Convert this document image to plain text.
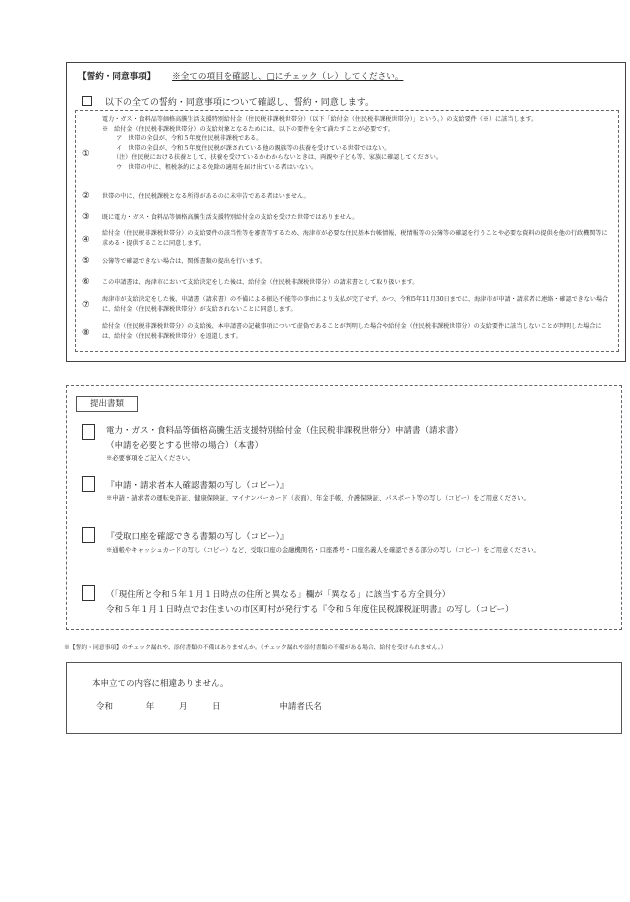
【誓約・同意事項】 ※全ての項目を確認し、□にチェック（レ）してください。
以下の全ての誓約・同意事項について確認し、誓約・同意します。
①

電力・ガス・食料品等価格高騰生活支援特別給付金（住民税非課税世帯分）（以下「給付金（住民税非課税世帯分）」という。）の支給要件（※）に該当します。

※　給付金（住民税非課税世帯分）の支給対象となるためには、以下の要件を全て満たすことが必要です。

　ア　世帯の全員が、令和５年度住民税非課税である。

　イ　世帯の全員が、令和５年度住民税が課されている他の親族等の扶養を受けている世帯ではない。

　（注）住民税における扶養として、扶養を受けているかわからないときは、両親や子ども等、家族に確認してください。

　ウ　世帯の中に、租税条約による免除の適用を届け出ている者はいない。

② 世帯の中に、住民税課税となる所得があるのに未申告である者はいません。

③ 既に電力・ガス・食料品等価格高騰生活支援特別給付金の支給を受けた世帯ではありません。

④

給付金（住民税非課税世帯分）の支給要件の該当性等を審査等するため、海津市が必要な住民基本台帳情報、税情報等の公簿等の確認を行うことや必要な資料の提供を他の行政機関等に求める・提供することに同意します。

⑤ 公簿等で確認できない場合は、関係書類の提出を行います。

⑥ この申請書は、海津市において支給決定をした後は、給付金（住民税非課税世帯分）の請求書として取り扱います。

⑦

海津市が支給決定をした後、申請書（請求書）の不備による振込不能等の事由により支払が完了せず、かつ、令和5年11月30日までに、海津市が申請・請求者に連絡・確認できない場合に、給付金（住民税非課税世帯分）が支給されないことに同意します。

⑧

給付金（住民税非課税世帯分）の支給後、本申請書の記載事項について虚偽であることが判明した場合や給付金（住民税非課税世帯分）の支給要件に該当しないことが判明した場合には、給付金（住民税非課税世帯分）を返還します。

提出書類
電力・ガス・食料品等価格高騰生活支援特別給付金（住民税非課税世帯分）申請書（請求書）
（申請を必要とする世帯の場合）（本書）
※必要事項をご記入ください。
『申請・請求者本人確認書類の写し（コピー）』
※申請・請求者の運転免許証、健康保険証、マイナンバーカード（表面）、年金手帳、介護保険証、パスポート等の写し（コピー）をご用意ください。
『受取口座を確認できる書類の写し（コピー）』
※通帳やキャッシュカードの写し（コピー）など、受取口座の金融機関名・口座番号・口座名義人を確認できる部分の写し（コピー）をご用意ください。
（「現住所と令和５年１月１日時点の住所と異なる」欄が「異なる」に該当する方全員分）
令和５年１月１日時点でお住まいの市区町村が発行する『令和５年度住民税課税証明書』の写し（コピー）
※【誓約・同意事項】のチェック漏れや、添付書類の不備はありませんか。（チェック漏れや添付書類の不備がある場合、給付を受けられません。）
本申立ての内容に相違ありません。
令和	年	月	日	申請者氏名
